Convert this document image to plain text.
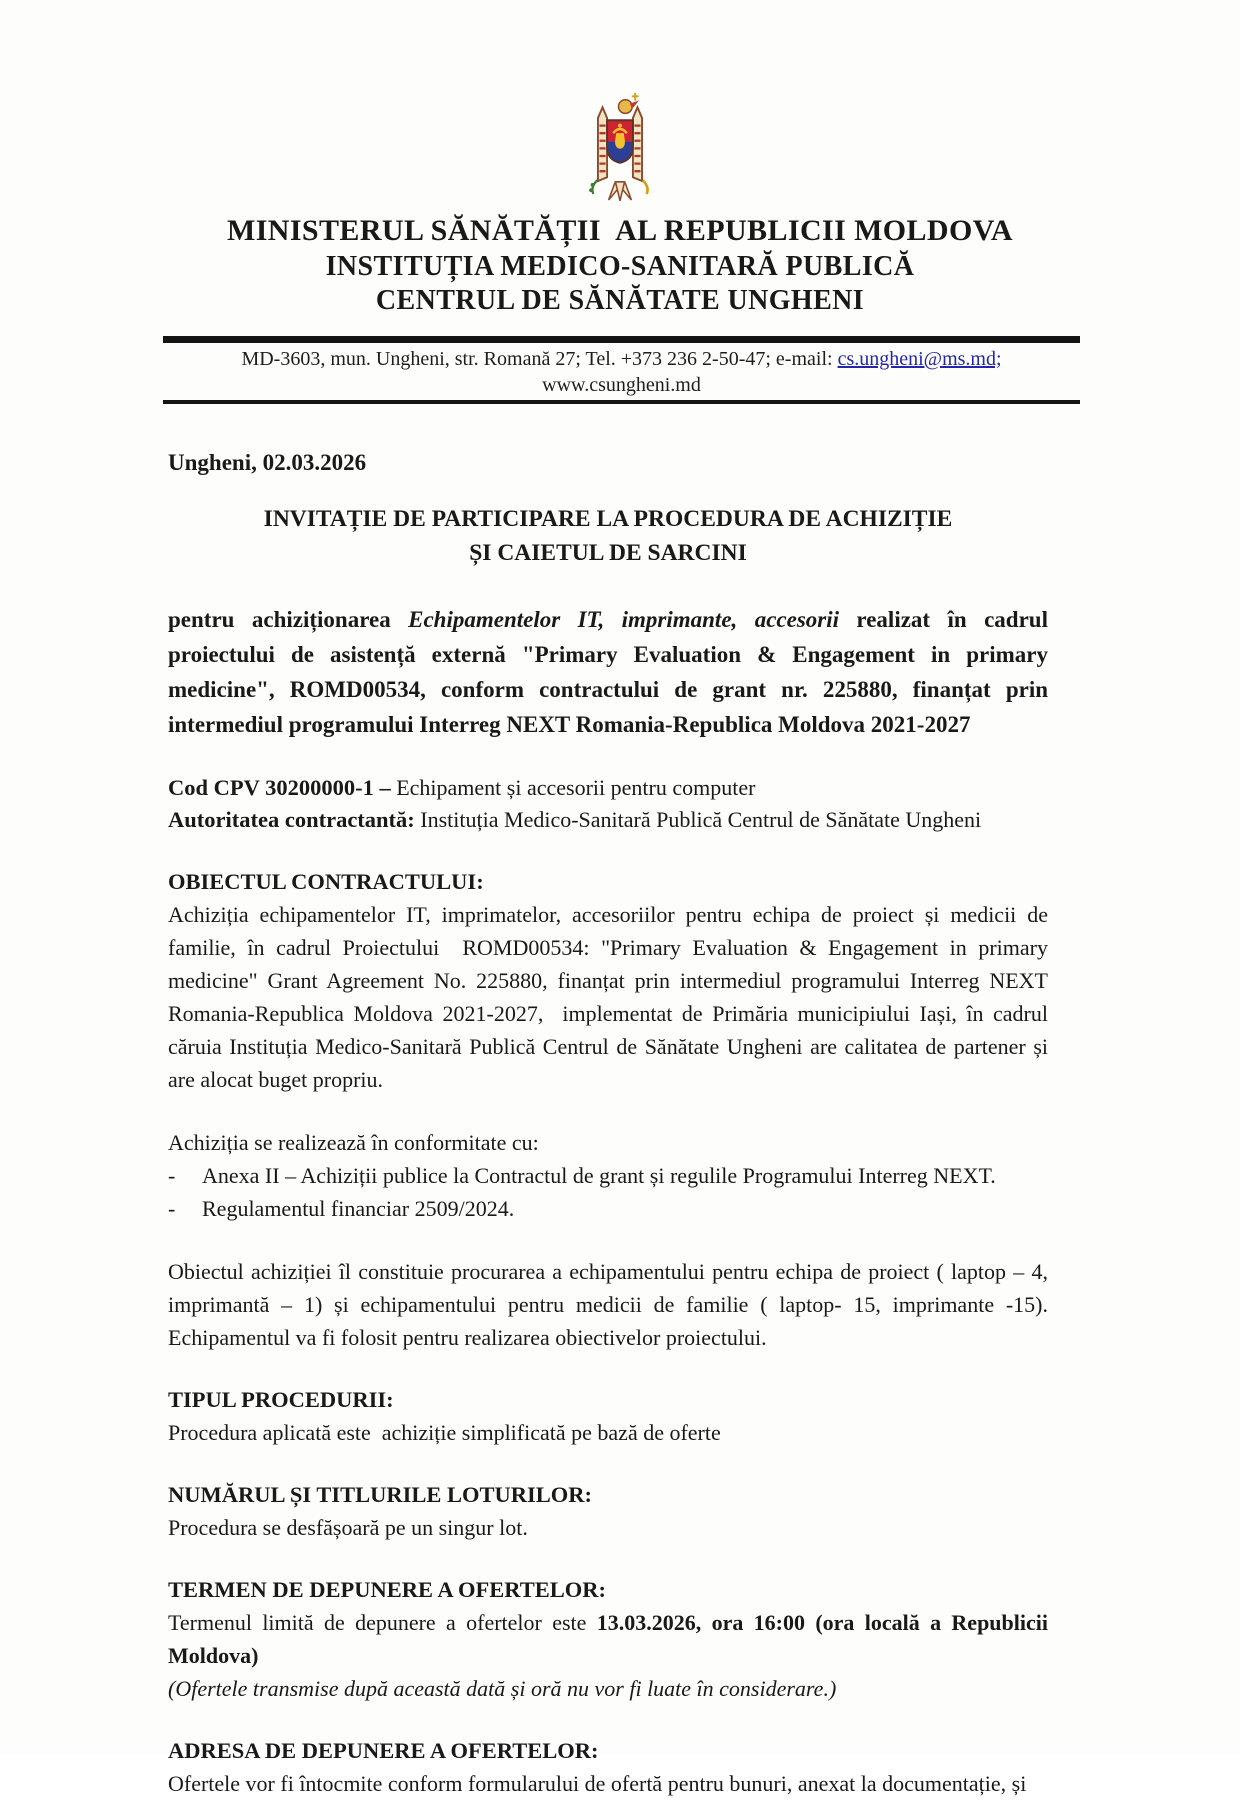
MINISTERUL SĂNĂTĂȚII  AL REPUBLICII MOLDOVA
INSTITUȚIA MEDICO-SANITARĂ PUBLICĂ
CENTRUL DE SĂNĂTATE UNGHENI
MD-3603, mun. Ungheni, str. Romană 27; Tel. +373 236 2-50-47; e-mail: cs.ungheni@ms.md; www.csungheni.md

Ungheni, 02.03.2026

INVITAȚIE DE PARTICIPARE LA PROCEDURA DE ACHIZIȚIE
ȘI CAIETUL DE SARCINI

pentru achiziționarea Echipamentelor IT, imprimante, accesorii realizat în cadrul proiectului de asistență externă "Primary Evaluation & Engagement in primary medicine", ROMD00534, conform contractului de grant nr. 225880, finanțat prin intermediul programului Interreg NEXT Romania-Republica Moldova 2021-2027

Cod CPV 30200000-1 – Echipament și accesorii pentru computer

Autoritatea contractantă: Instituția Medico-Sanitară Publică Centrul de Sănătate Ungheni

OBIECTUL CONTRACTULUI:

Achiziția echipamentelor IT, imprimatelor, accesoriilor pentru echipa de proiect și medicii de familie, în cadrul Proiectului  ROMD00534: "Primary Evaluation & Engagement in primary medicine" Grant Agreement No. 225880, finanțat prin intermediul programului Interreg NEXT Romania-Republica Moldova 2021-2027,  implementat de Primăria municipiului Iași, în cadrul căruia Instituția Medico-Sanitară Publică Centrul de Sănătate Ungheni are calitatea de partener și are alocat buget propriu.

Achiziția se realizează în conformitate cu:

-	Anexa II – Achiziții publice la Contractul de grant și regulile Programului Interreg NEXT.
-	Regulamentul financiar 2509/2024.

Obiectul achiziției îl constituie procurarea a echipamentului pentru echipa de proiect ( laptop – 4, imprimantă – 1) și echipamentului pentru medicii de familie ( laptop- 15, imprimante -15). Echipamentul va fi folosit pentru realizarea obiectivelor proiectului.

TIPUL PROCEDURII:

Procedura aplicată este  achiziție simplificată pe bază de oferte

NUMĂRUL ȘI TITLURILE LOTURILOR:

Procedura se desfășoară pe un singur lot.

TERMEN DE DEPUNERE A OFERTELOR:

Termenul limită de depunere a ofertelor este 13.03.2026, ora 16:00 (ora locală a Republicii Moldova)

(Ofertele transmise după această dată și oră nu vor fi luate în considerare.)

ADRESA DE DEPUNERE A OFERTELOR:

Ofertele vor fi întocmite conform formularului de ofertă pentru bunuri, anexat la documentație, și
